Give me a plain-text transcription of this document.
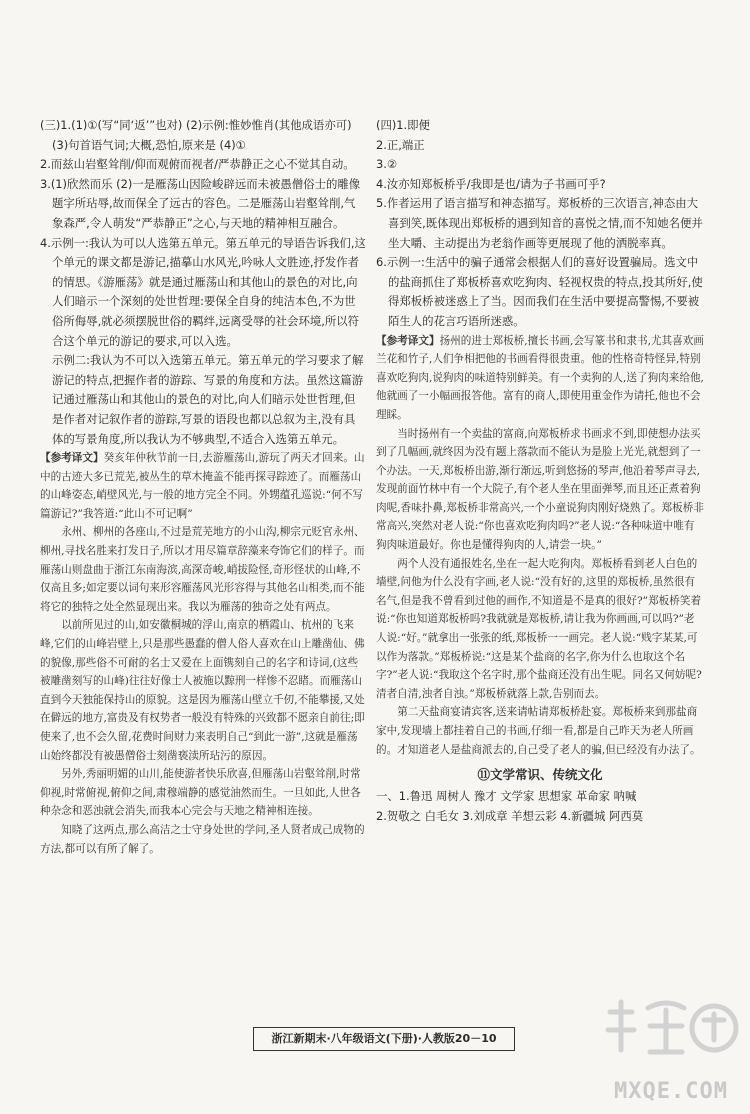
(三)1.(1)①(写“同‘返’”也对) (2)示例:惟妙惟肖(其他成语亦可) (3)句首语气词;大概,恐怕,原来是 (4)①

2.而兹山岩壑耸削/仰而观俯而视者/严恭静正之心不觉其自动。

3.(1)欣然而乐 (2)一是雁荡山因险峻辟远而未被愚僧俗士的雕像题字所玷辱,故而保全了远古的容色。二是雁荡山岩壑耸削,气象森严,令人萌发“严恭静正”之心,与天地的精神相互融合。

4.示例一:我认为可以人选第五单元。第五单元的导语告诉我们,这个单元的课文都是游记,描摹山水风光,吟咏人文胜迹,抒发作者的情思。《游雁荡》就是通过雁荡山和其他山的景色的对比,向人们暗示一个深刻的处世哲理:要保全自身的纯洁本色,不为世俗所侮辱,就必须摆脱世俗的羁绊,远离受辱的社会环境,所以符合这个单元的游记的要求,可以入选。

示例二:我认为不可以入选第五单元。第五单元的学习要求了解游记的特点,把握作者的游踪、写景的角度和方法。虽然这篇游记通过雁荡山和其他山的景色的对比,向人们暗示处世哲理,但是作者对记叙作者的游踪,写景的语段也都以总叙为主,没有具体的写景角度,所以我认为不够典型,不适合入选第五单元。

【参考译文】癸亥年仲秋节前一日,去游雁荡山,游玩了两天才回来。山中的古迹大多已荒芜,被丛生的草木掩盖不能再探寻踪迹了。而雁荡山的山峰姿态,峭壁风光,与一般的地方完全不同。外甥蕴孔巡说:“何不写篇游记?”我答道:“此山不可记啊”

永州、柳州的各座山,不过是荒芜地方的小山沟,柳宗元贬官永州、柳州,寻找名胜来打发日子,所以才用尽篇章辞藻来夸饰它们的样子。而雁荡山则盘曲于浙江东南海滨,高深奇峻,峭拔险怪,奇形怪状的山峰,不仅高且多;如定要以词句来形容雁荡风光形容得与其他名山相类,而不能将它的独特之处全然显现出来。我以为雁荡的独奇之处有两点。

以前所见过的山,如安徽桐城的浮山,南京的栖霞山、杭州的飞来峰,它们的山峰岩壁上,只是那些愚蠢的僧人俗人喜欢在山上雕凿仙、佛的貌像,那些俗不可耐的名士又爱在上面镌刻自己的名字和诗词,(这些被雕凿刻写的山峰)往往好像士人被施以黥刑一样惨不忍睹。而雁荡山直到今天独能保持山的原貌。这是因为雁荡山壁立千仞,不能攀援,又处在僻远的地方,富贵及有权势者一般没有特殊的兴致都不愿亲自前往;即使来了,也不会久留,花费时间财力来表明自己“到此一游”,这就是雁荡山始终都没有被愚僧俗士刻凿亵渎所玷污的原因。

另外,秀丽明媚的山川,能使游者快乐欣喜,但雁荡山岩壑耸削,时常仰视,时常俯视,俯仰之间,肃穆端静的感觉油然而生。一旦如此,人世各种杂念和恶浊就会消失,而我本心完会与天地之精神相连接。

知晓了这两点,那么高洁之士守身处世的学问,圣人贤者成己成物的方法,都可以有所了解了。

(四)1.即便

2.正,端正

3.②

4.汝亦知郑板桥乎/我即是也/请为子书画可乎?

5.作者运用了语言描写和神态描写。郑板桥的三次语言,神态由大喜到笑,既体现出郑板桥的遇到知音的喜悦之情,而不知她名便并坐大嚼、主动提出为老翁作画等更展现了他的洒脱率真。

6.示例一:生活中的骗子通常会根据人们的喜好设置骗局。选文中的盐商抓住了郑板桥喜欢吃狗肉、轻视权贵的特点,投其所好,使得郑板桥被迷惑上了当。因而我们在生活中要提高警惕,不要被陌生人的花言巧语所迷惑。

【参考译文】扬州的进士郑板桥,擅长书画,会写篆书和隶书,尤其喜欢画兰花和竹子,人们争相把他的书画看得很贵重。他的性格奇特怪异,特别喜欢吃狗肉,说狗肉的味道特别鲜美。有一个卖狗的人,送了狗肉来给他,他就画了一小幅画报答他。富有的商人,即使用重金作为请托,他也不会理睬。

当时扬州有一个卖盐的富商,向郑板桥求书画求不到,即使想办法买到了几幅画,就终因为没有题上落款而不能认为是脸上光光,就想到了一个办法。一天,郑板桥出游,渐行渐远,听到悠扬的琴声,他沿着琴声寻去,发现前面竹林中有一个大院子,有个老人坐在里面弹琴,而且还正煮着狗肉呢,香味扑鼻,郑板桥非常高兴,一个小童说狗肉刚好烧熟了。郑板桥非常高兴,突然对老人说:“你也喜欢吃狗肉吗?”老人说:“各种味道中唯有狗肉味道最好。你也是懂得狗肉的人,请尝一块。”

两个人没有通报姓名,坐在一起大吃狗肉。郑板桥看到老人白色的墙壁,问他为什么没有字画,老人说:“没有好的,这里的郑板桥,虽然很有名气,但是我不曾看到过他的画作,不知道是不是真的很好?”郑板桥笑着说:“你也知道郑板桥吗?我就就是郑板桥,请让我为你画画,可以吗?”老人说:“好。”就拿出一张张的纸,郑板桥一一画完。老人说:“贱字某某,可以作为落款。”郑板桥说:“这是某个盐商的名字,你为什么也取这个名字?”老人说:“我取这个名字时,那个盐商还没有出生呢。同名又何妨呢?清者自清,浊者自浊。”郑板桥就落上款,告别而去。

第二天盐商宴请宾客,送来请帖请郑板桥赴宴。郑板桥来到那盐商家中,发现墙上都挂着自己的书画,仔细一看,都是自己昨天为老人所画的。才知道老人是盐商派去的,自己受了老人的骗,但已经没有办法了。

⑪文学常识、传统文化

一、1.鲁迅 周树人 豫才 文学家 思想家 革命家 呐喊

2.贺敬之 白毛女 3.刘成章 羊想云彩 4.新疆城 阿西莫

浙江新期末·八年级语文(下册)·人教版20－10
MXQE.COM
